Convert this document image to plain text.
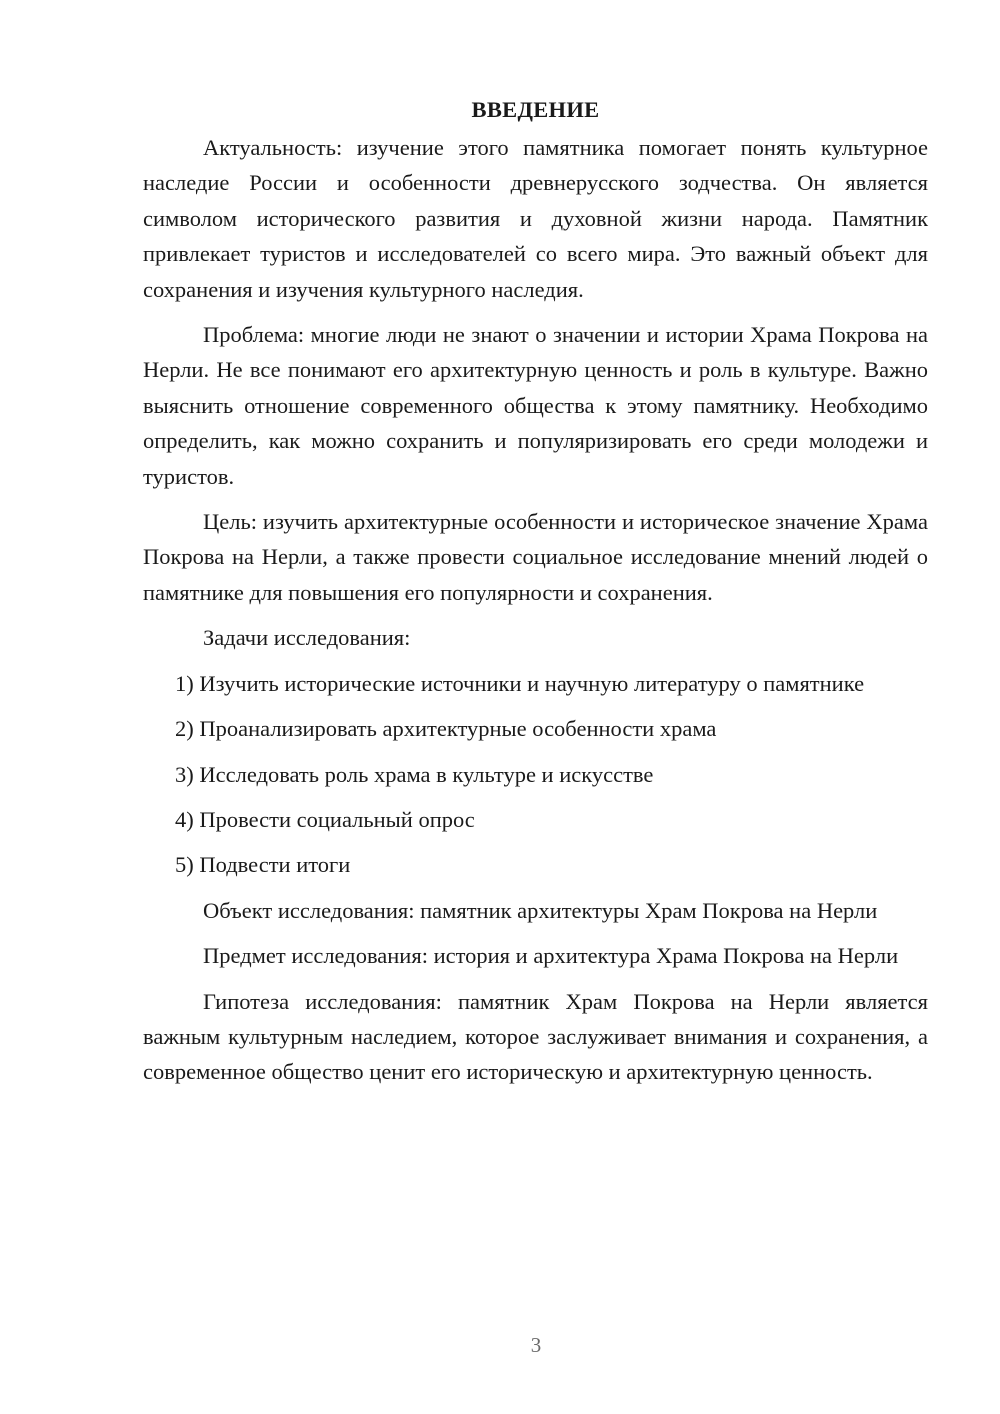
ВВЕДЕНИЕ

Актуальность: изучение этого памятника помогает понять культурное наследие России и особенности древнерусского зодчества. Он является символом исторического развития и духовной жизни народа. Памятник привлекает туристов и исследователей со всего мира. Это важный объект для сохранения и изучения культурного наследия.

Проблема: многие люди не знают о значении и истории Храма Покрова на Нерли. Не все понимают его архитектурную ценность и роль в культуре. Важно выяснить отношение современного общества к этому памятнику. Необходимо определить, как можно сохранить и популяризировать его среди молодежи и туристов.

Цель: изучить архитектурные особенности и историческое значение Храма Покрова на Нерли, а также провести социальное исследование мнений людей о памятнике для повышения его популярности и сохранения.

Задачи исследования:

1) Изучить исторические источники и научную литературу о памятнике
2) Проанализировать архитектурные особенности храма
3) Исследовать роль храма в культуре и искусстве
4) Провести социальный опрос
5) Подвести итоги

Объект исследования: памятник архитектуры Храм Покрова на Нерли

Предмет исследования: история и архитектура Храма Покрова на Нерли

Гипотеза исследования: памятник Храм Покрова на Нерли является важным культурным наследием, которое заслуживает внимания и сохранения, а современное общество ценит его историческую и архитектурную ценность.

3
